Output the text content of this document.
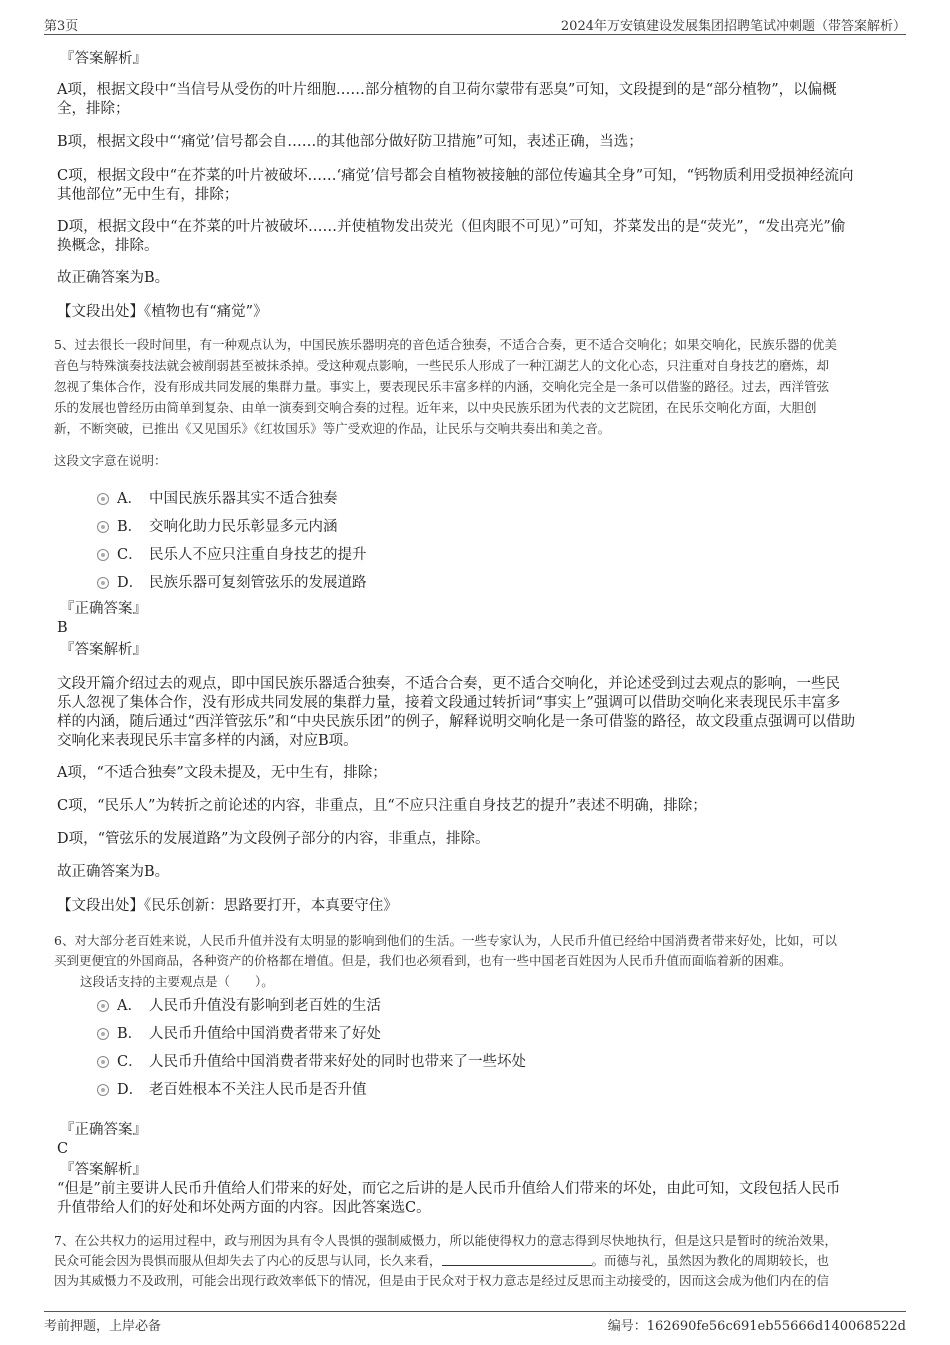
第3页	2024年万安镇建设发展集团招聘笔试冲刺题（带答案解析）
『答案解析』
A项，根据文段中“当信号从受伤的叶片细胞……部分植物的自卫荷尔蒙带有恶臭”可知，文段提到的是“部分植物”，以偏概
全，排除；
B项，根据文段中“‘痛觉’信号都会自……的其他部分做好防卫措施”可知，表述正确，当选；
C项，根据文段中“在芥菜的叶片被破坏……‘痛觉’信号都会自植物被接触的部位传遍其全身”可知，“钙物质利用受损神经流向
其他部位”无中生有，排除；
D项，根据文段中“在芥菜的叶片被破坏……并使植物发出荧光（但肉眼不可见）”可知，芥菜发出的是“荧光”，“发出亮光”偷
换概念，排除。
故正确答案为B。
【文段出处】《植物也有“痛觉”》
5、过去很长一段时间里，有一种观点认为，中国民族乐器明亮的音色适合独奏，不适合合奏，更不适合交响化；如果交响化，民族乐器的优美
音色与特殊演奏技法就会被削弱甚至被抹杀掉。受这种观点影响，一些民乐人形成了一种江湖艺人的文化心态，只注重对自身技艺的磨炼，却
忽视了集体合作，没有形成共同发展的集群力量。事实上，要表现民乐丰富多样的内涵，交响化完全是一条可以借鉴的路径。过去，西洋管弦
乐的发展也曾经历由简单到复杂、由单一演奏到交响合奏的过程。近年来，以中央民族乐团为代表的文艺院团，在民乐交响化方面，大胆创
新，不断突破，已推出《又见国乐》《红妆国乐》等广受欢迎的作品，让民乐与交响共奏出和美之音。
这段文字意在说明：
A． 中国民族乐器其实不适合独奏
B． 交响化助力民乐彰显多元内涵
C． 民乐人不应只注重自身技艺的提升
D． 民族乐器可复刻管弦乐的发展道路
『正确答案』
B
『答案解析』
文段开篇介绍过去的观点，即中国民族乐器适合独奏，不适合合奏，更不适合交响化，并论述受到过去观点的影响，一些民
乐人忽视了集体合作，没有形成共同发展的集群力量，接着文段通过转折词“事实上”强调可以借助交响化来表现民乐丰富多
样的内涵，随后通过“西洋管弦乐”和“中央民族乐团”的例子，解释说明交响化是一条可借鉴的路径，故文段重点强调可以借助
交响化来表现民乐丰富多样的内涵，对应B项。
A项，“不适合独奏”文段未提及，无中生有，排除；
C项，“民乐人”为转折之前论述的内容，非重点，且“不应只注重自身技艺的提升”表述不明确，排除；
D项，“管弦乐的发展道路”为文段例子部分的内容，非重点，排除。
故正确答案为B。
【文段出处】《民乐创新：思路要打开，本真要守住》
6、对大部分老百姓来说，人民币升值并没有太明显的影响到他们的生活。一些专家认为，人民币升值已经给中国消费者带来好处，比如，可以
买到更便宜的外国商品，各种资产的价格都在增值。但是，我们也必须看到，也有一些中国老百姓因为人民币升值而面临着新的困难。
这段话支持的主要观点是（　　）。
A． 人民币升值没有影响到老百姓的生活
B． 人民币升值给中国消费者带来了好处
C． 人民币升值给中国消费者带来好处的同时也带来了一些坏处
D． 老百姓根本不关注人民币是否升值
『正确答案』
C
『答案解析』
“但是”前主要讲人民币升值给人们带来的好处，而它之后讲的是人民币升值给人们带来的坏处，由此可知，文段包括人民币
升值带给人们的好处和坏处两方面的内容。因此答案选C。
7、在公共权力的运用过程中，政与刑因为具有令人畏惧的强制威慑力，所以能使得权力的意志得到尽快地执行，但是这只是暂时的统治效果，
民众可能会因为畏惧而服从但却失去了内心的反思与认同，长久来看，	。而德与礼，虽然因为教化的周期较长，也
因为其威慑力不及政刑，可能会出现行政效率低下的情况，但是由于民众对于权力意志是经过反思而主动接受的，因而这会成为他们内在的信
考前押题，上岸必备	编号：162690fe56c691eb55666d140068522d
